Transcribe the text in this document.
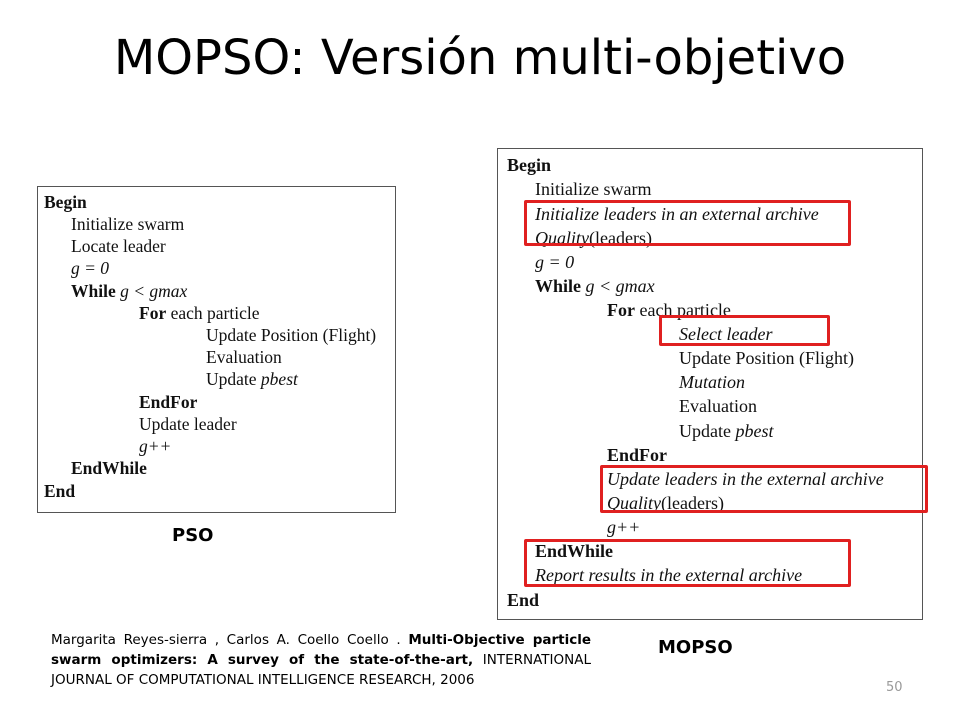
MOPSO: Versión multi-objetivo
Begin
Initialize swarm
Locate leader
g = 0
While g < gmax
For each particle
Update Position (Flight)
Evaluation
Update pbest
EndFor
Update leader
g++
EndWhile
End
Begin
Initialize swarm
Initialize leaders in an external archive
Quality(leaders)
g = 0
While g < gmax
For each particle
Select leader
Update Position (Flight)
Mutation
Evaluation
Update pbest
EndFor
Update leaders in the external archive
Quality(leaders)
g++
EndWhile
Report results in the external archive
End
PSO
MOPSO
Margarita Reyes-sierra , Carlos A. Coello Coello . Multi-Objective particle swarm optimizers: A survey of the state-of-the-art, INTERNATIONAL JOURNAL OF COMPUTATIONAL INTELLIGENCE RESEARCH, 2006	50
